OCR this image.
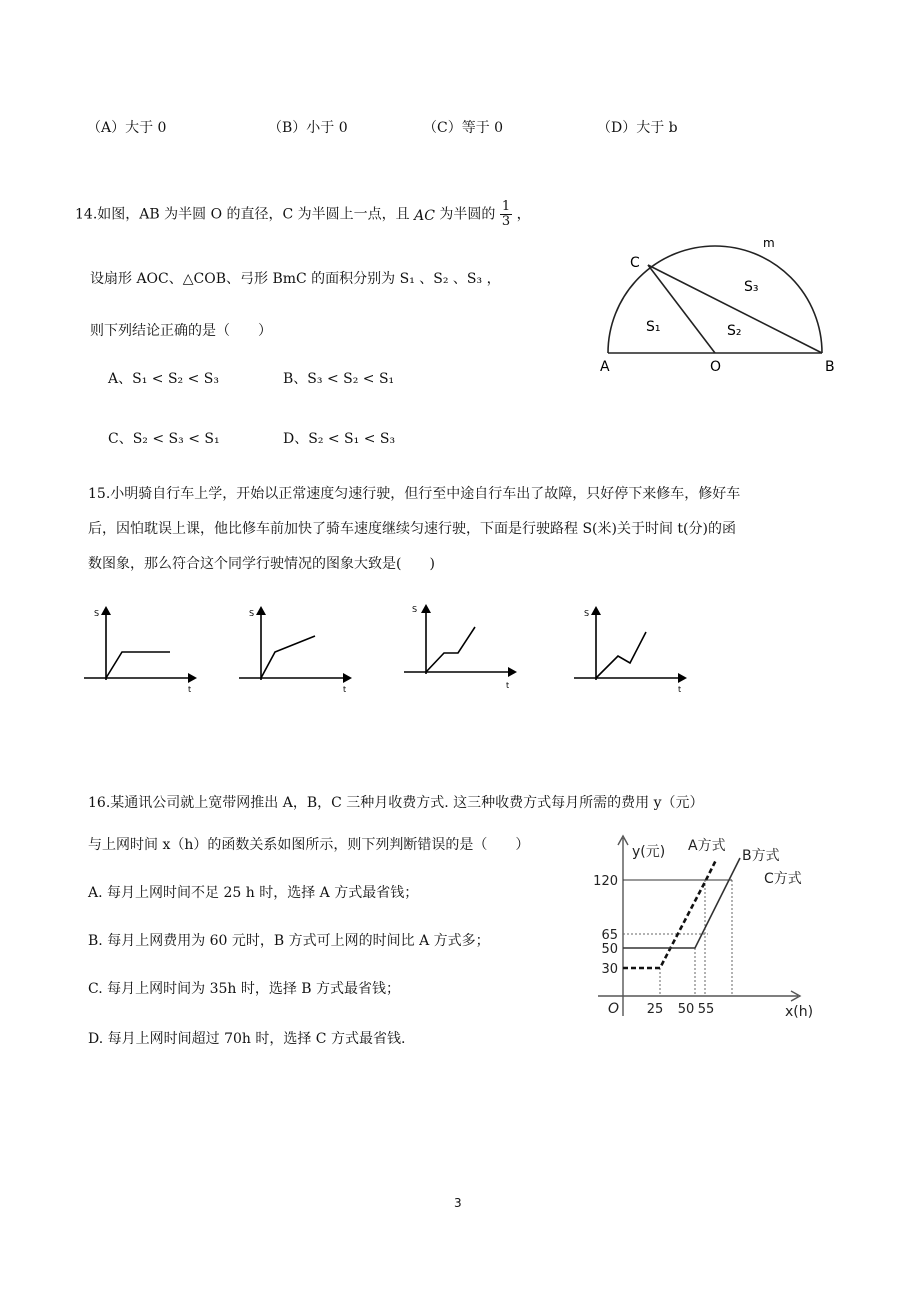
（A）大于 0	（B）小于 0	（C）等于 0	（D）大于 b
14.如图，AB 为半圆 O 的直径，C 为半圆上一点，且 AC 为半圆的 $\frac{1}{3}$ ，
设扇形 AOC、△COB、弓形 BmC 的面积分别为 S₁ 、S₂ 、S₃ ，
则下列结论正确的是（　　）
A、S₁ < S₂ < S₃	B、S₃ < S₂ < S₁
C、S₂ < S₃ < S₁	D、S₂ < S₁ < S₃
C
m
S₃
S₁	S₂
A	O	B
15.小明骑自行车上学，开始以正常速度匀速行驶，但行至中途自行车出了故障，只好停下来修车，修好车
后，因怕耽误上课，他比修车前加快了骑车速度继续匀速行驶，下面是行驶路程 S(米)关于时间 t(分)的函
数图象，那么符合这个同学行驶情况的图象大致是(　　)
S
t
S
t
S
t
S
t
16.某通讯公司就上宽带网推出 A，B，C 三种月收费方式. 这三种收费方式每月所需的费用 y（元）
与上网时间 x（h）的函数关系如图所示，则下列判断错误的是（　　）
A. 每月上网时间不足 25 h 时，选择 A 方式最省钱；
B. 每月上网费用为 60 元时，B 方式可上网的时间比 A 方式多；
C. 每月上网时间为 35h 时，选择 B 方式最省钱；
D. 每月上网时间超过 70h 时，选择 C 方式最省钱.
y(元)
x(h)
O
30
50
65
120
25 50 55
A方式
B方式
C方式
3
